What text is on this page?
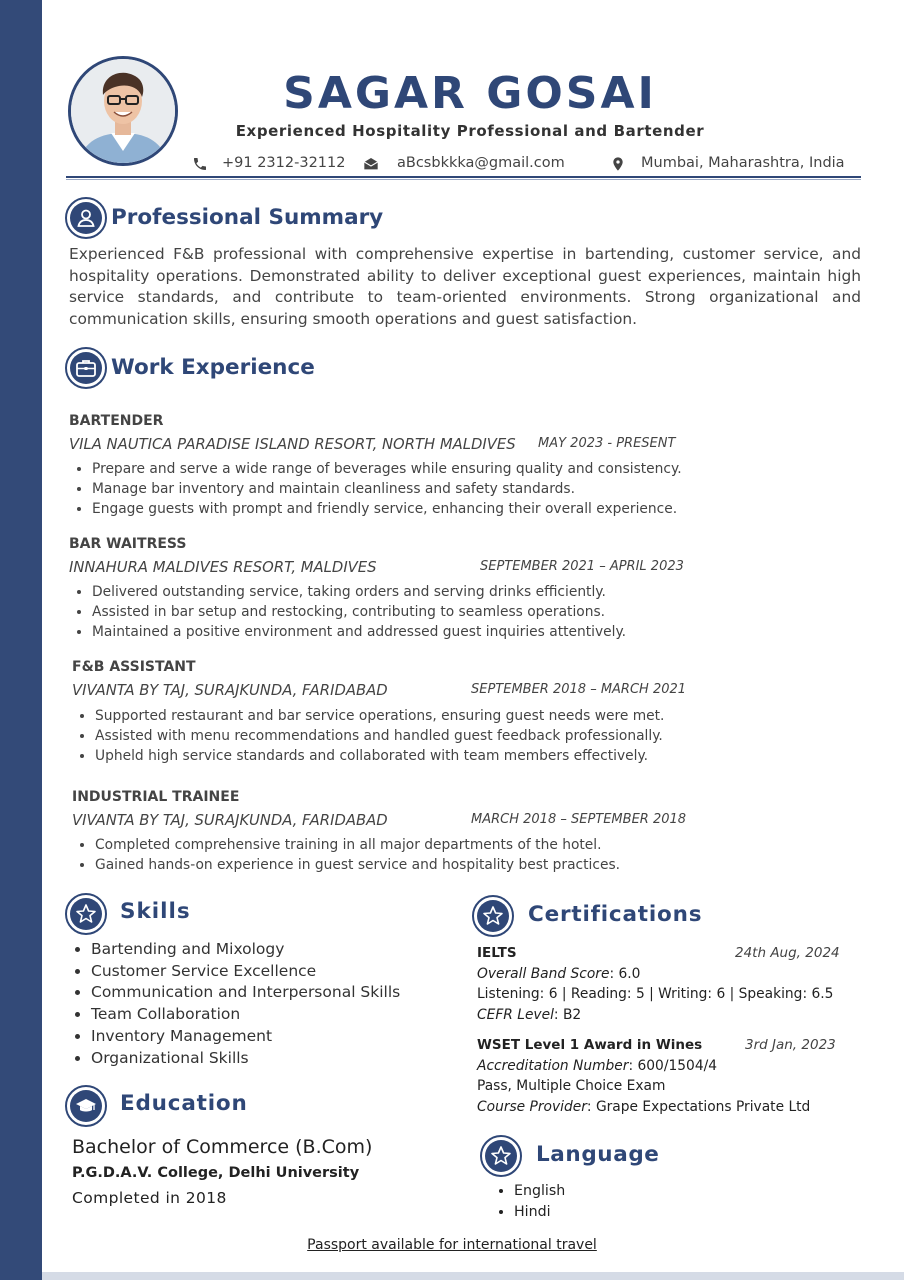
SAGAR GOSAI
Experienced Hospitality Professional and Bartender
+91 2312-32112	aBcsbkkka@gmail.com	Mumbai, Maharashtra, India
Professional Summary

Experienced F&B professional with comprehensive expertise in bartending, customer service, and hospitality operations. Demonstrated ability to deliver exceptional guest experiences, maintain high service standards, and contribute to team-oriented environments. Strong organizational and communication skills, ensuring smooth operations and guest satisfaction.

Work Experience
BARTENDER
VILA NAUTICA PARADISE ISLAND RESORT, NORTH MALDIVES MAY 2023 - PRESENT
• Prepare and serve a wide range of beverages while ensuring quality and consistency.
• Manage bar inventory and maintain cleanliness and safety standards.
• Engage guests with prompt and friendly service, enhancing their overall experience.
BAR WAITRESS
INNAHURA MALDIVES RESORT, MALDIVES	SEPTEMBER 2021 – APRIL 2023
• Delivered outstanding service, taking orders and serving drinks efficiently.
• Assisted in bar setup and restocking, contributing to seamless operations.
• Maintained a positive environment and addressed guest inquiries attentively.
F&B ASSISTANT
VIVANTA BY TAJ, SURAJKUNDA, FARIDABAD	SEPTEMBER 2018 – MARCH 2021
• Supported restaurant and bar service operations, ensuring guest needs were met.
• Assisted with menu recommendations and handled guest feedback professionally.
• Upheld high service standards and collaborated with team members effectively.
INDUSTRIAL TRAINEE
VIVANTA BY TAJ, SURAJKUNDA, FARIDABAD	MARCH 2018 – SEPTEMBER 2018
• Completed comprehensive training in all major departments of the hotel.
• Gained hands-on experience in guest service and hospitality best practices.
Skills
• Bartending and Mixology
• Customer Service Excellence
• Communication and Interpersonal Skills
• Team Collaboration
• Inventory Management
• Organizational Skills
Education
Bachelor of Commerce (B.Com)
P.G.D.A.V. College, Delhi University
Completed in 2018
Certifications
IELTS	24th Aug, 2024
Overall Band Score: 6.0
Listening: 6 | Reading: 5 | Writing: 6 | Speaking: 6.5
CEFR Level: B2
WSET Level 1 Award in Wines	3rd Jan, 2023
Accreditation Number: 600/1504/4
Pass, Multiple Choice Exam
Course Provider: Grape Expectations Private Ltd
Language
• English
• Hindi
Passport available for international travel
